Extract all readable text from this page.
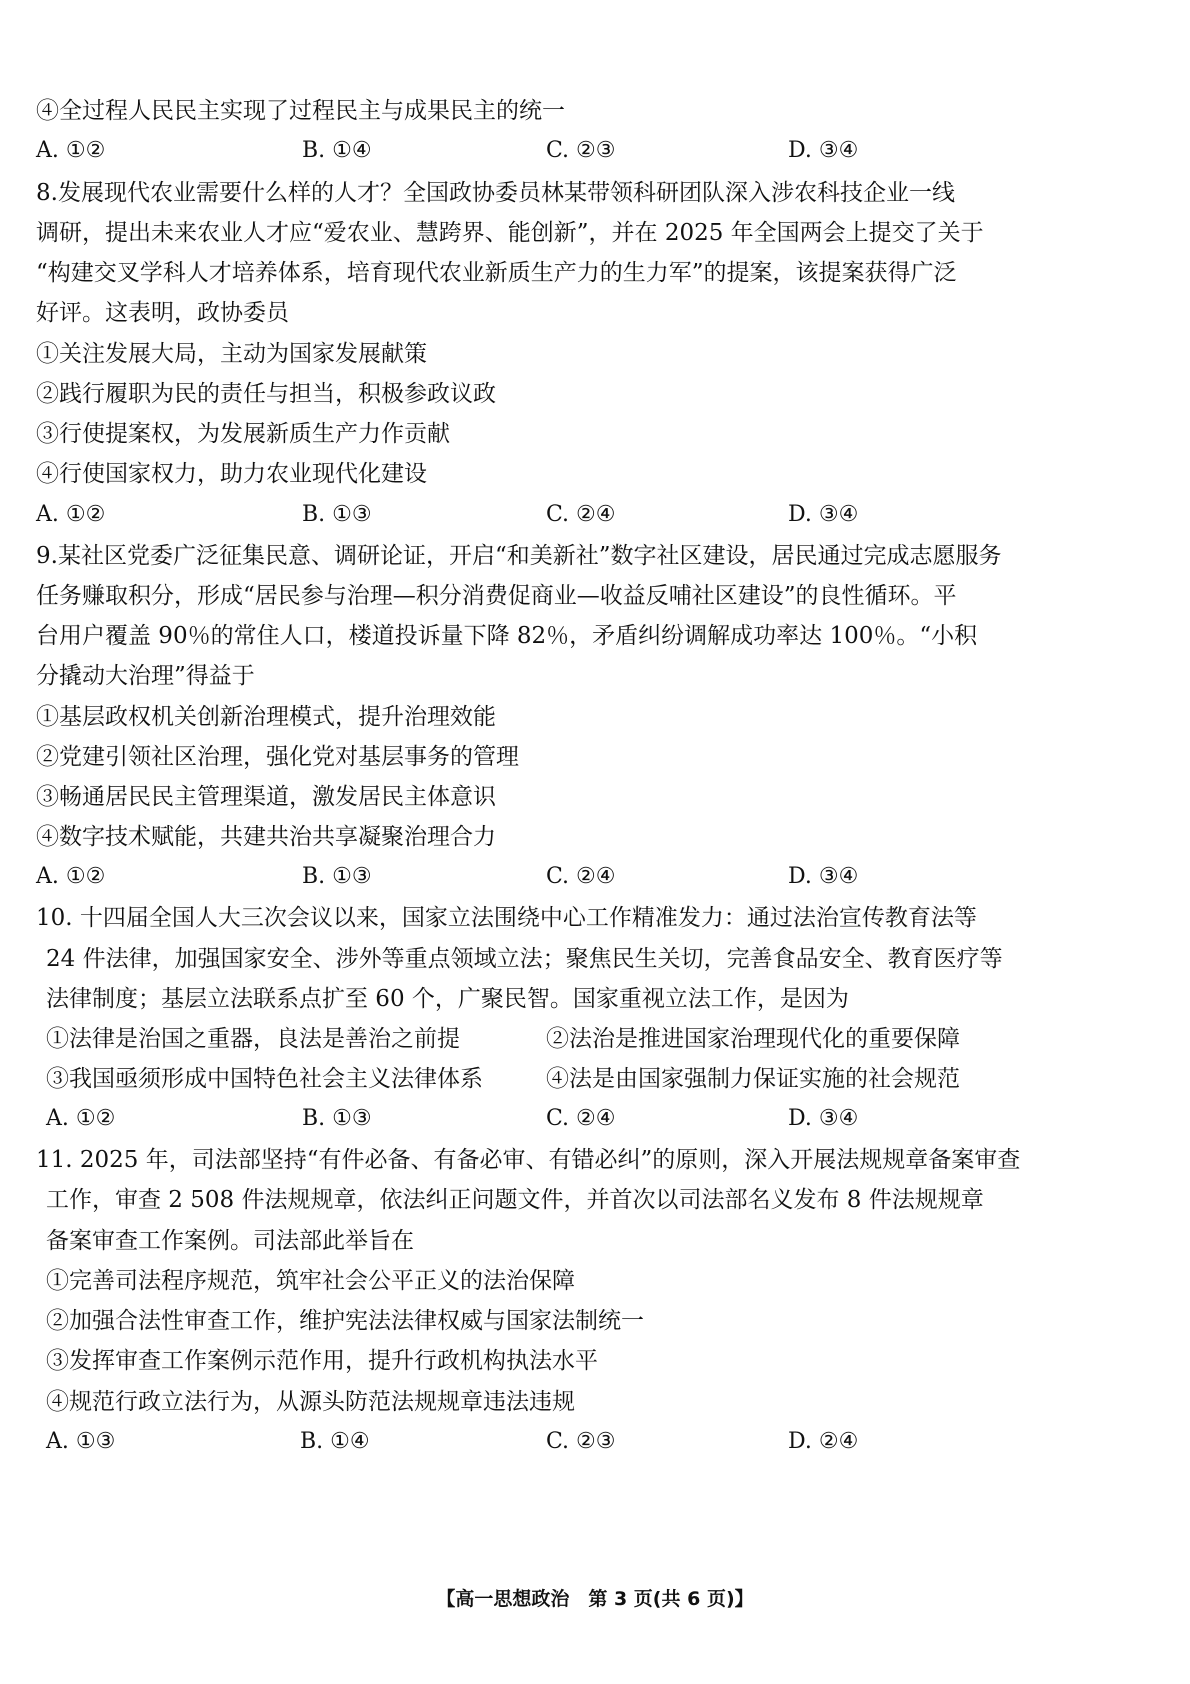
④全过程人民民主实现了过程民主与成果民主的统一
A. ①②	B. ①④	C. ②③	D. ③④
8.发展现代农业需要什么样的人才？全国政协委员林某带领科研团队深入涉农科技企业一线
调研，提出未来农业人才应“爱农业、慧跨界、能创新”，并在 2025 年全国两会上提交了关于
“构建交叉学科人才培养体系，培育现代农业新质生产力的生力军”的提案，该提案获得广泛
好评。这表明，政协委员
①关注发展大局，主动为国家发展献策
②践行履职为民的责任与担当，积极参政议政
③行使提案权，为发展新质生产力作贡献
④行使国家权力，助力农业现代化建设
A. ①②	B. ①③	C. ②④	D. ③④
9.某社区党委广泛征集民意、调研论证，开启“和美新社”数字社区建设，居民通过完成志愿服务
任务赚取积分，形成“居民参与治理—积分消费促商业—收益反哺社区建设”的良性循环。平
台用户覆盖 90％的常住人口，楼道投诉量下降 82％，矛盾纠纷调解成功率达 100％。“小积
分撬动大治理”得益于
①基层政权机关创新治理模式，提升治理效能
②党建引领社区治理，强化党对基层事务的管理
③畅通居民民主管理渠道，激发居民主体意识
④数字技术赋能，共建共治共享凝聚治理合力
A. ①②	B. ①③	C. ②④	D. ③④
10. 十四届全国人大三次会议以来，国家立法围绕中心工作精准发力：通过法治宣传教育法等
24 件法律，加强国家安全、涉外等重点领域立法；聚焦民生关切，完善食品安全、教育医疗等
法律制度；基层立法联系点扩至 60 个，广聚民智。国家重视立法工作，是因为
①法律是治国之重器，良法是善治之前提	②法治是推进国家治理现代化的重要保障
③我国亟须形成中国特色社会主义法律体系	④法是由国家强制力保证实施的社会规范
A. ①②	B. ①③	C. ②④	D. ③④
11. 2025 年，司法部坚持“有件必备、有备必审、有错必纠”的原则，深入开展法规规章备案审查
工作，审查 2 508 件法规规章，依法纠正问题文件，并首次以司法部名义发布 8 件法规规章
备案审查工作案例。司法部此举旨在
①完善司法程序规范，筑牢社会公平正义的法治保障
②加强合法性审查工作，维护宪法法律权威与国家法制统一
③发挥审查工作案例示范作用，提升行政机构执法水平
④规范行政立法行为，从源头防范法规规章违法违规
A. ①③	B. ①④	C. ②③	D. ②④
【高一思想政治　第 3 页(共 6 页)】
